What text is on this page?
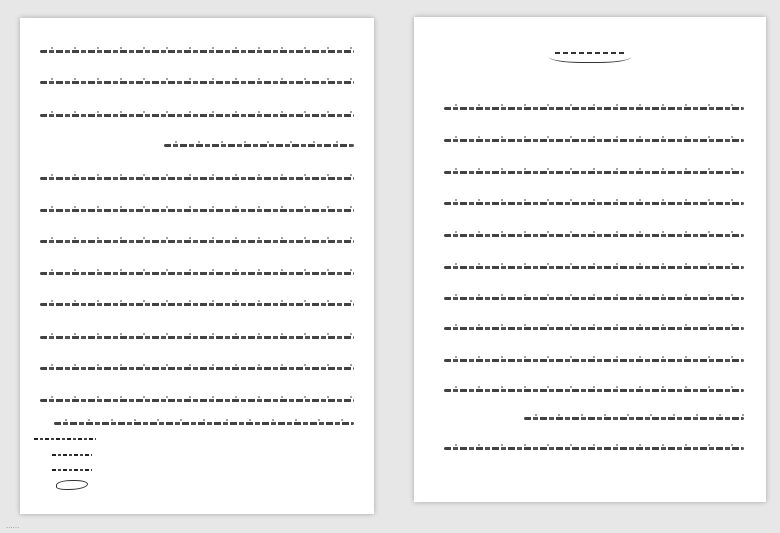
......
